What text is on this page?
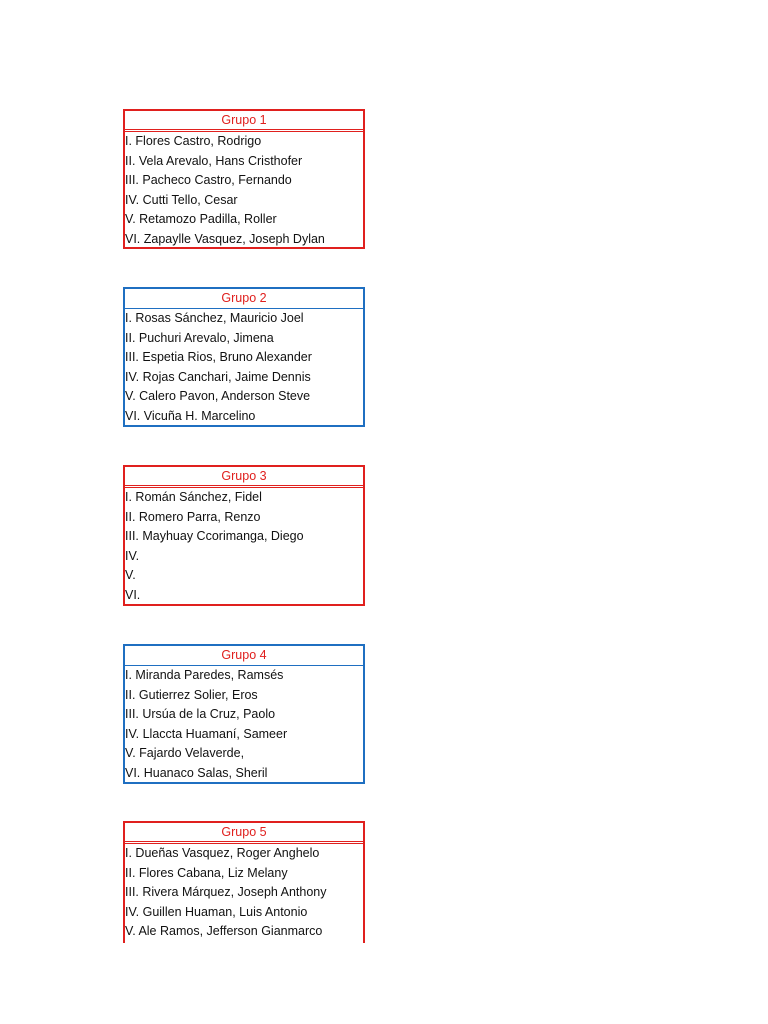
Grupo 1
I. Flores Castro, Rodrigo
II. Vela Arevalo, Hans Cristhofer
III. Pacheco Castro, Fernando
IV. Cutti Tello, Cesar
V. Retamozo Padilla, Roller
VI. Zapaylle Vasquez, Joseph Dylan
Grupo 2
I. Rosas Sánchez, Mauricio Joel
II. Puchuri Arevalo, Jimena
III. Espetia Rios, Bruno Alexander
IV. Rojas Canchari, Jaime Dennis
V. Calero Pavon, Anderson Steve
VI. Vicuña H. Marcelino
Grupo 3
I. Román Sánchez, Fidel
II. Romero Parra, Renzo
III. Mayhuay Ccorimanga, Diego
IV.
V.
VI.
Grupo 4
I. Miranda Paredes, Ramsés
II. Gutierrez Solier, Eros
III. Ursúa de la Cruz, Paolo
IV. Llaccta Huamaní, Sameer
V. Fajardo Velaverde,
VI. Huanaco Salas, Sheril
Grupo 5
I. Dueñas Vasquez, Roger Anghelo
II. Flores Cabana, Liz Melany
III. Rivera Márquez, Joseph Anthony
IV. Guillen Huaman, Luis Antonio
V. Ale Ramos, Jefferson Gianmarco
